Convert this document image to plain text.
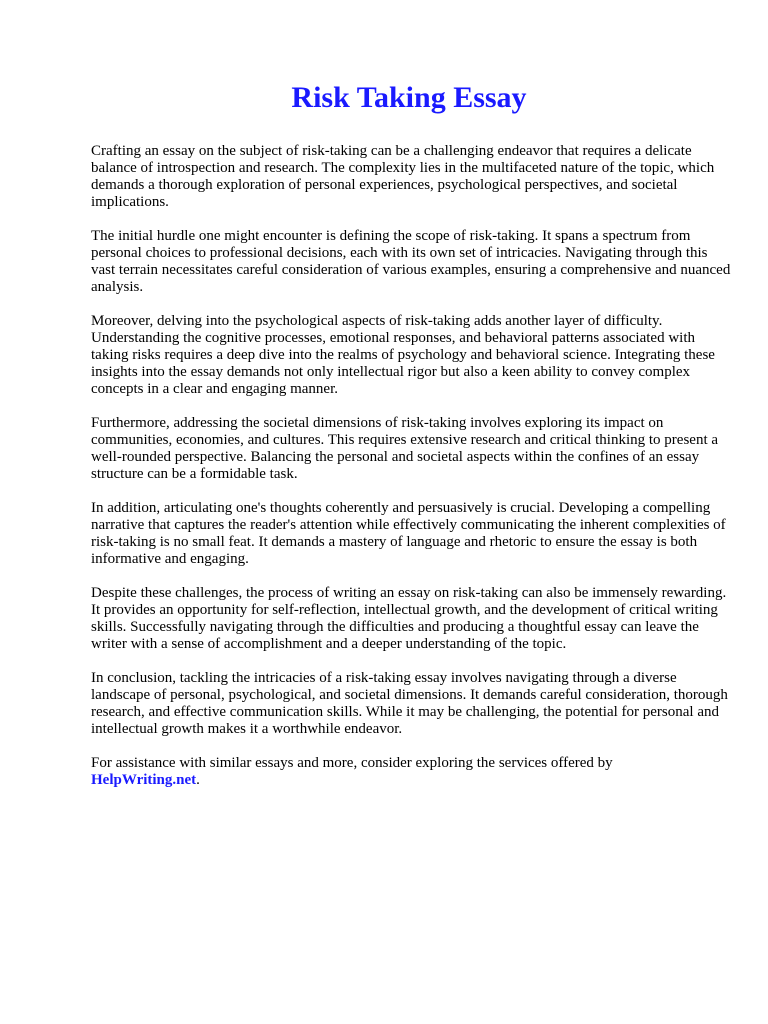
Risk Taking Essay

Crafting an essay on the subject of risk-taking can be a challenging endeavor that requires a delicate balance of introspection and research. The complexity lies in the multifaceted nature of the topic, which demands a thorough exploration of personal experiences, psychological perspectives, and societal implications.

The initial hurdle one might encounter is defining the scope of risk-taking. It spans a spectrum from personal choices to professional decisions, each with its own set of intricacies. Navigating through this vast terrain necessitates careful consideration of various examples, ensuring a comprehensive and nuanced analysis.

Moreover, delving into the psychological aspects of risk-taking adds another layer of difficulty. Understanding the cognitive processes, emotional responses, and behavioral patterns associated with taking risks requires a deep dive into the realms of psychology and behavioral science. Integrating these insights into the essay demands not only intellectual rigor but also a keen ability to convey complex concepts in a clear and engaging manner.

Furthermore, addressing the societal dimensions of risk-taking involves exploring its impact on communities, economies, and cultures. This requires extensive research and critical thinking to present a well-rounded perspective. Balancing the personal and societal aspects within the confines of an essay structure can be a formidable task.

In addition, articulating one's thoughts coherently and persuasively is crucial. Developing a compelling narrative that captures the reader's attention while effectively communicating the inherent complexities of risk-taking is no small feat. It demands a mastery of language and rhetoric to ensure the essay is both informative and engaging.

Despite these challenges, the process of writing an essay on risk-taking can also be immensely rewarding. It provides an opportunity for self-reflection, intellectual growth, and the development of critical writing skills. Successfully navigating through the difficulties and producing a thoughtful essay can leave the writer with a sense of accomplishment and a deeper understanding of the topic.

In conclusion, tackling the intricacies of a risk-taking essay involves navigating through a diverse landscape of personal, psychological, and societal dimensions. It demands careful consideration, thorough research, and effective communication skills. While it may be challenging, the potential for personal and intellectual growth makes it a worthwhile endeavor.

For assistance with similar essays and more, consider exploring the services offered by
HelpWriting.net.
